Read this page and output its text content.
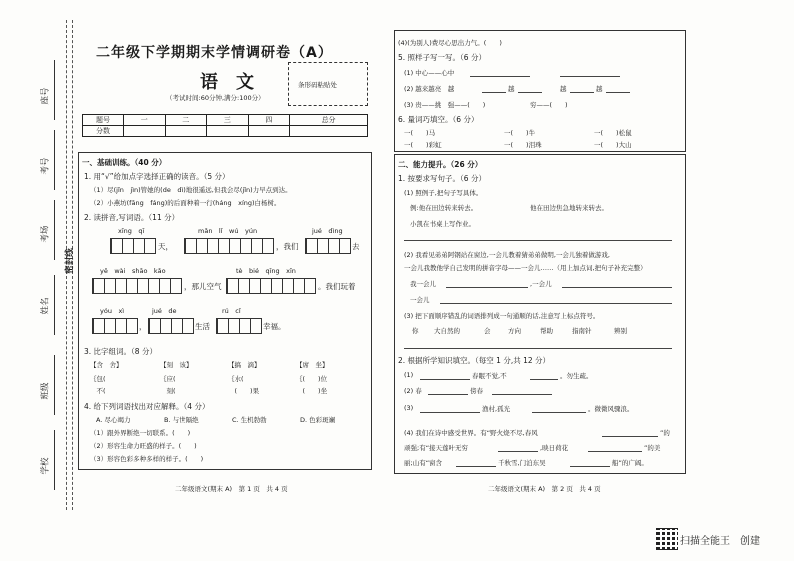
座号
考号
考场
密封线
姓名
班级
学校
二年级下学期期末学情调研卷（A）
语　文
（考试时间:60分钟,满分:100分）
条形码粘贴处
题号	一	二	三	四	总分
分数					
一、基础训练。（40 分）
1. 用“√”给加点字选择正确的读音。（5 分）
（1）尽(jǐn　jìn)管她的(de　dì)地很遥远,但我会尽(jǐn)力早点到达。
（2）小燕坊(fāng　fáng)的后面种着一行(háng　xíng)白杨树。
2. 读拼音,写词语。（11 分）
xīng　qī	mǎn　lǐ　wú　yún	jué　dìng
天，	，我们	去
yě　wài　shāo　kǎo	tè　bié　qīng　xīn
，那儿空气	。我们玩着
yóu　xì	jué　de	rú　cǐ
，	生活	幸福。
3. 比字组词。（8 分）
【含　舍】	【刻　该】	【搞　滴】	【席　坐】
｛包(	｛应(	｛水(	｛(　　)位
　不(	　刻(	　(　　)果	　(　　)坐
4. 给下列词语找出对应解释。（4 分）
A. 尽心竭力	B. 与世隔绝	C. 生机勃勃	D. 色彩斑斓
（1）跟外界断绝一切联系。(　　)
（2）形容生命力旺盛的样子。(　　)
（3）形容色彩多种多样的样子。(　　)
二年级语文(期末 A)　第 1 页　共 4 页
(4)(为别人)费尽心思出力气。(　　)
5. 照样子写一写。（6 分）
(1) 中心——心中
(2) 越来越亮　越	越	越	越
(3) 贵——挑　强——(　　)	穷——(　　)
6. 量词巧填空。（6 分）
一(　　)马	一(　　)牛	一(　　)松鼠
一(　　)彩虹	一(　　)泪珠	一(　　)大山
二、能力提升。（26 分）
1. 按要求写句子。（6 分）
(1) 照例子,把句子写具体。
例:他在田边转来转去。	他在田边焦急地转来转去。
小凯在书桌上写作业。
(2) 我看见弟弟阿钢站在窗边,一会儿教着猜弟弟做明,一会儿独着做游戏,
一会儿我教他学自己发明的拼音字母——一会儿……（用上加点词,把句子补充完整）
我一会儿	,一会儿
一会儿
(3) 把下面顺序错乱的词语排列成一句通顺的话,注意写上标点符号。
你 大自然的	会	方向	帮助	指南针	辨别
2. 根据所学知识填空。（每空 1 分,共 12 分）
(1)	春眠不觉,不	。勿生疏。
(2) 春	傍春
(3)	渔村,孤光	。微微风骤浪。
(4) 我们在诗中感受世界。有“野火烧不尽,春风	”的
顽强;有“接天莲叶无穷	,映日荷花	”的美
丽;山有“窗含	千秋雪,门泊东吴	船”的广阔。
二年级语文(期末 A)　第 2 页　共 4 页
扫描全能王　创建
